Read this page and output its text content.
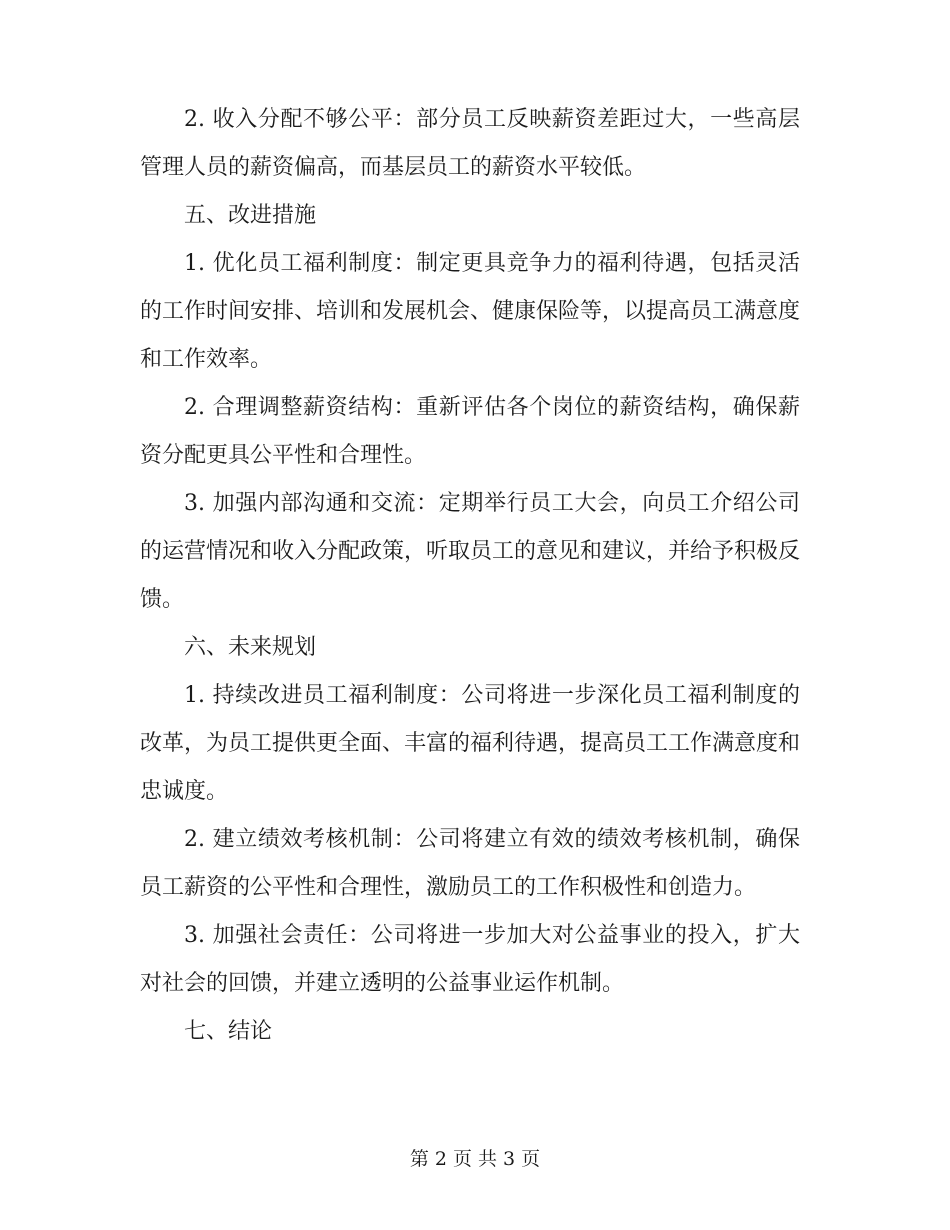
2. 收入分配不够公平：部分员工反映薪资差距过大，一些高层管理人员的薪资偏高，而基层员工的薪资水平较低。

五、改进措施

1. 优化员工福利制度：制定更具竞争力的福利待遇，包括灵活的工作时间安排、培训和发展机会、健康保险等，以提高员工满意度和工作效率。

2. 合理调整薪资结构：重新评估各个岗位的薪资结构，确保薪资分配更具公平性和合理性。

3. 加强内部沟通和交流：定期举行员工大会，向员工介绍公司的运营情况和收入分配政策，听取员工的意见和建议，并给予积极反馈。

六、未来规划

1. 持续改进员工福利制度：公司将进一步深化员工福利制度的改革，为员工提供更全面、丰富的福利待遇，提高员工工作满意度和忠诚度。

2. 建立绩效考核机制：公司将建立有效的绩效考核机制，确保员工薪资的公平性和合理性，激励员工的工作积极性和创造力。

3. 加强社会责任：公司将进一步加大对公益事业的投入，扩大对社会的回馈，并建立透明的公益事业运作机制。

七、结论

第 2 页 共 3 页
